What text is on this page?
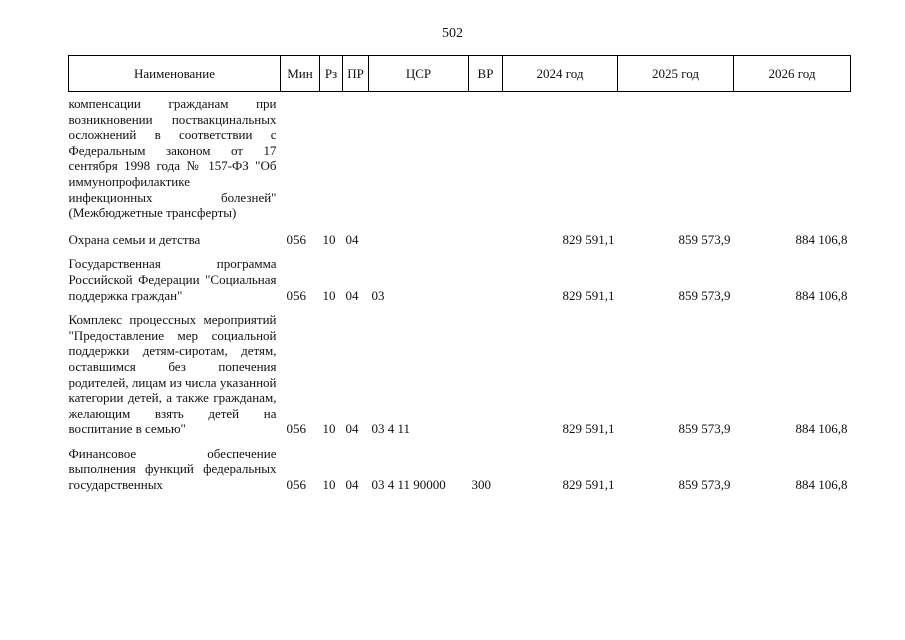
502
Наименование	Мин	Рз	ПР	ЦСР	ВР	2024 год	2025 год	2026 год
компенсации гражданам при возникновении поствакцинальных осложнений в соответствии с Федеральным законом от 17 сентября 1998 года № 157-ФЗ "Об иммунопрофилактике инфекционных болезней" (Межбюджетные трансферты)								
Охрана семьи и детства	056	10	04			829 591,1	859 573,9	884 106,8
Государственная программа Российской Федерации "Социальная поддержка граждан"	056	10	04	03		829 591,1	859 573,9	884 106,8
Комплекс процессных мероприятий "Предоставление мер социальной поддержки детям-сиротам, детям, оставшимся без попечения родителей, лицам из числа указанной категории детей, а также гражданам, желающим взять детей на воспитание в семью"	056	10	04	03 4 11		829 591,1	859 573,9	884 106,8
Финансовое обеспечение выполнения функций федеральных государственных	056	10	04	03 4 11 90000	300	829 591,1	859 573,9	884 106,8
